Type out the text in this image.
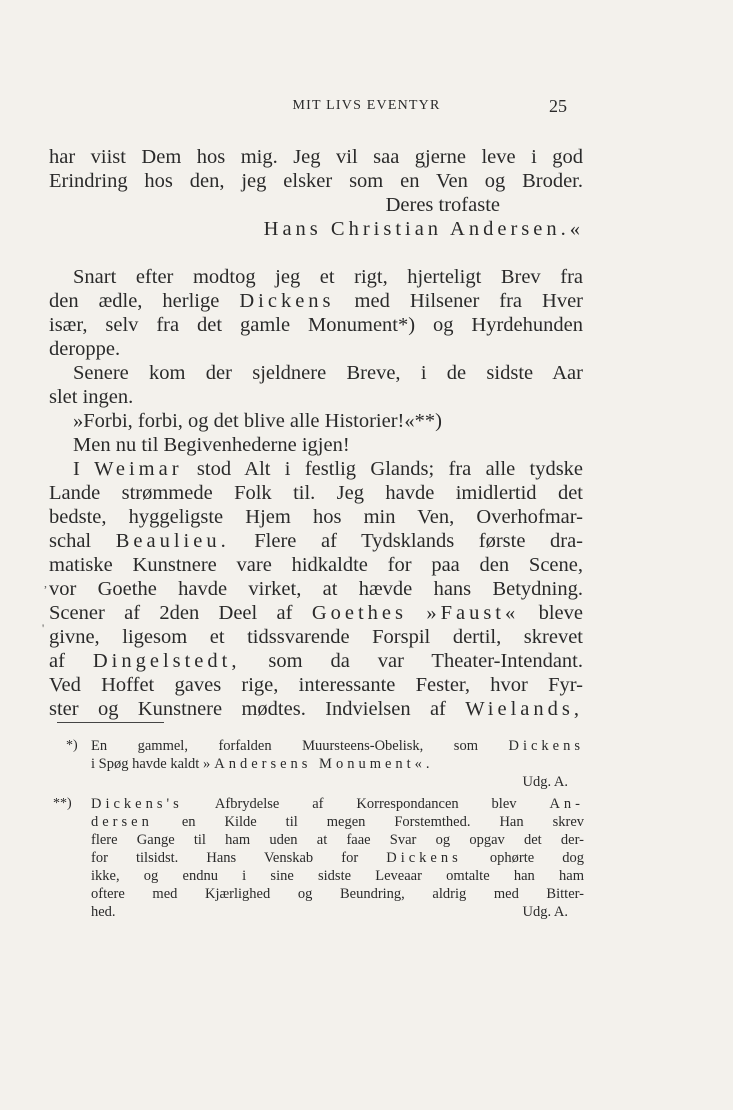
MIT LIVS EVENTYR	25
har viist Dem hos mig. Jeg vil saa gjerne leve i god
Erindring hos den, jeg elsker som en Ven og Broder.
Deres trofaste
Hans Christian Andersen.«
Snart efter modtog jeg et rigt, hjerteligt Brev fra
den ædle, herlige Dickens med Hilsener fra Hver
især, selv fra det gamle Monument*) og Hyrdehunden
deroppe.
Senere kom der sjeldnere Breve, i de sidste Aar
slet ingen.
»Forbi, forbi, og det blive alle Historier!«**)
Men nu til Begivenhederne igjen!
I Weimar stod Alt i festlig Glands; fra alle tydske
Lande strømmede Folk til. Jeg havde imidlertid det
bedste, hyggeligste Hjem hos min Ven, Overhofmar-
schal Beaulieu. Flere af Tydsklands første dra-
matiske Kunstnere vare hidkaldte for paa den Scene,
vor Goethe havde virket, at hævde hans Betydning.
Scener af 2den Deel af Goethes »Faust« bleve
givne, ligesom et tidssvarende Forspil dertil, skrevet
af Dingelstedt, som da var Theater-Intendant.
Ved Hoffet gaves rige, interessante Fester, hvor Fyr-
ster og Kunstnere mødtes. Indvielsen af Wielands,
,
'
*) En gammel, forfalden Muursteens-Obelisk, som Dickens
i Spøg havde kaldt »Andersens Monument«.
Udg. A.
**) Dickens's Afbrydelse af Korrespondancen blev An-
dersen en Kilde til megen Forstemthed. Han skrev
flere Gange til ham uden at faae Svar og opgav det der-
for tilsidst. Hans Venskab for Dickens ophørte dog
ikke, og endnu i sine sidste Leveaar omtalte han ham
oftere med Kjærlighed og Beundring, aldrig med Bitter-
hed.	Udg. A.
